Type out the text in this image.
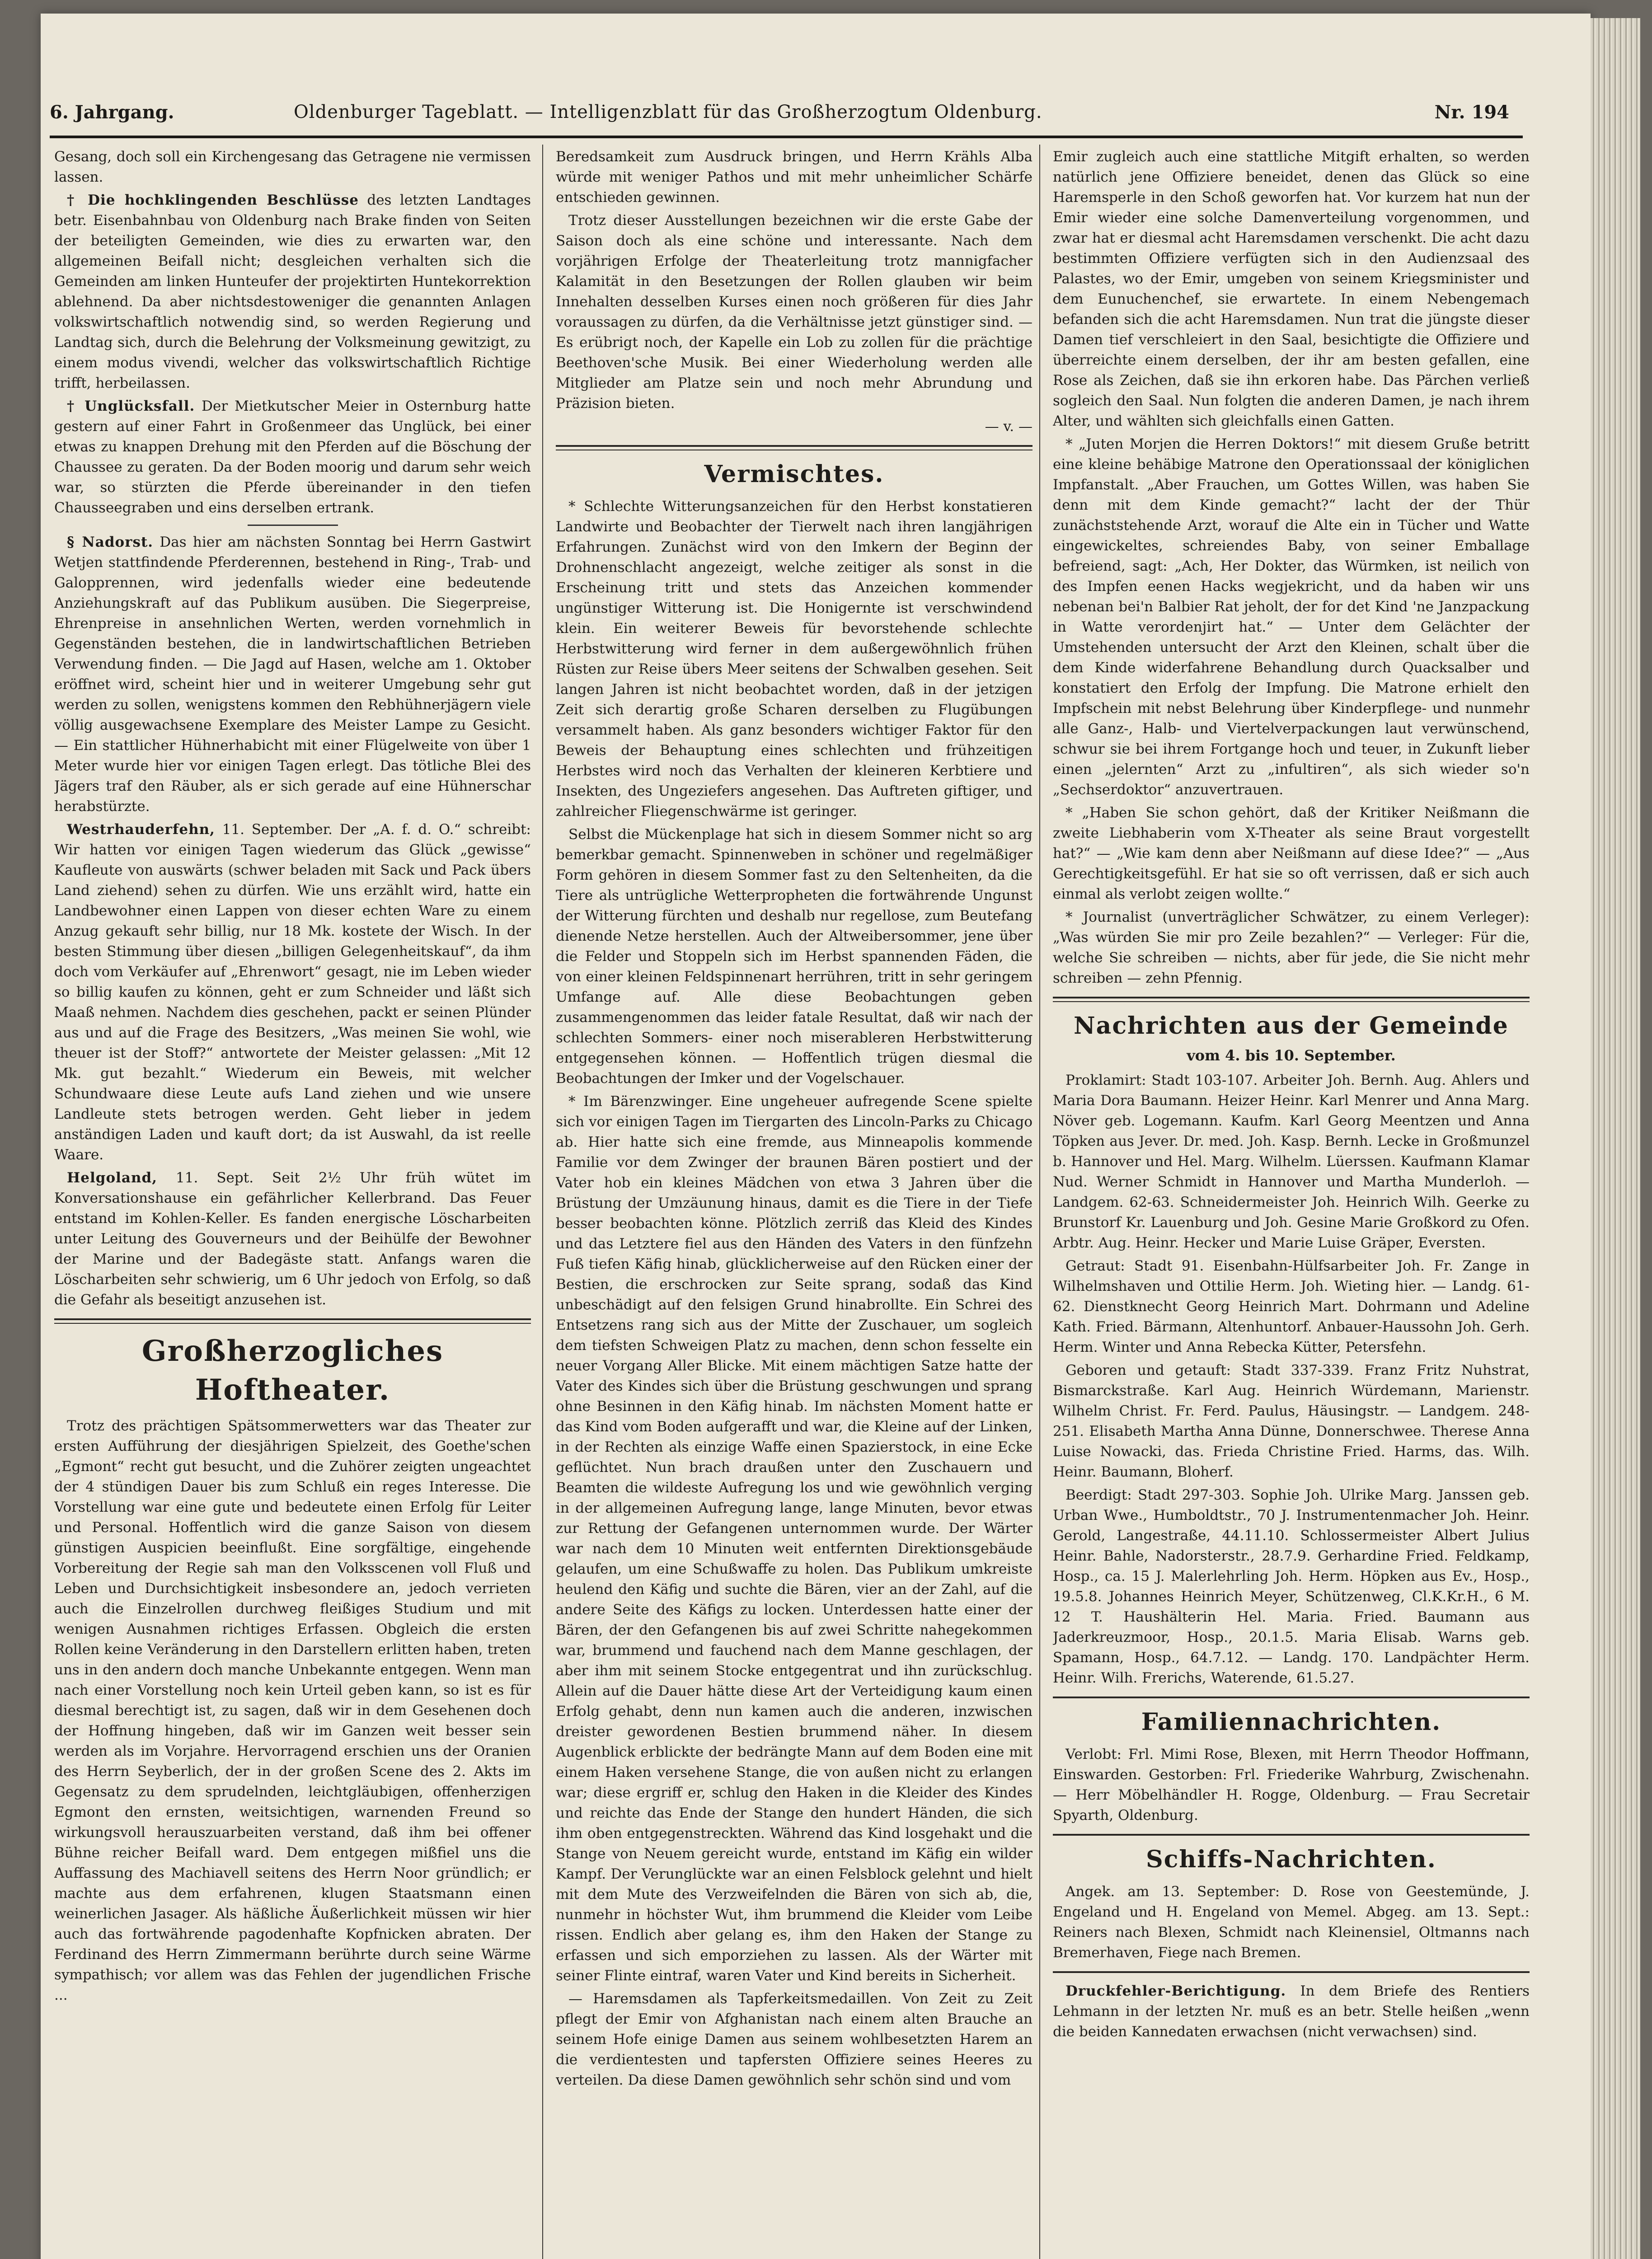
6. Jahrgang.	Oldenburger Tageblatt. — Intelligenzblatt für das Großherzogtum Oldenburg.	Nr. 194

Gesang, doch soll ein Kirchengesang das Getragene nie vermissen lassen.

† Die hochklingenden Beschlüsse des letzten Landtages betr. Eisenbahnbau von Oldenburg nach Brake finden von Seiten der beteiligten Gemeinden, wie dies zu erwarten war, den allgemeinen Beifall nicht; desgleichen verhalten sich die Gemeinden am linken Hunteufer der projektirten Huntekorrektion ablehnend. Da aber nichtsdestoweniger die genannten Anlagen volkswirtschaftlich notwendig sind, so werden Regierung und Landtag sich, durch die Belehrung der Volksmeinung gewitzigt, zu einem modus vivendi, welcher das volkswirtschaftlich Richtige trifft, herbeilassen.

† Unglücksfall. Der Mietkutscher Meier in Osternburg hatte gestern auf einer Fahrt in Großenmeer das Unglück, bei einer etwas zu knappen Drehung mit den Pferden auf die Böschung der Chaussee zu geraten. Da der Boden moorig und darum sehr weich war, so stürzten die Pferde übereinander in den tiefen Chausseegraben und eins derselben ertrank.

§ Nadorst. Das hier am nächsten Sonntag bei Herrn Gastwirt Wetjen stattfindende Pferderennen, bestehend in Ring-, Trab- und Galopprennen, wird jedenfalls wieder eine bedeutende Anziehungskraft auf das Publikum ausüben. Die Siegerpreise, Ehrenpreise in ansehnlichen Werten, werden vornehmlich in Gegenständen bestehen, die in landwirtschaftlichen Betrieben Verwendung finden. — Die Jagd auf Hasen, welche am 1. Oktober eröffnet wird, scheint hier und in weiterer Umgebung sehr gut werden zu sollen, wenigstens kommen den Rebhühnerjägern viele völlig ausgewachsene Exemplare des Meister Lampe zu Gesicht. — Ein stattlicher Hühnerhabicht mit einer Flügelweite von über 1 Meter wurde hier vor einigen Tagen erlegt. Das tötliche Blei des Jägers traf den Räuber, als er sich gerade auf eine Hühnerschar herabstürzte.

Westrhauderfehn, 11. September. Der „A. f. d. O.“ schreibt: Wir hatten vor einigen Tagen wiederum das Glück „gewisse“ Kaufleute von auswärts (schwer beladen mit Sack und Pack übers Land ziehend) sehen zu dürfen. Wie uns erzählt wird, hatte ein Landbewohner einen Lappen von dieser echten Ware zu einem Anzug gekauft sehr billig, nur 18 Mk. kostete der Wisch. In der besten Stimmung über diesen „billigen Gelegenheitskauf“, da ihm doch vom Verkäufer auf „Ehrenwort“ gesagt, nie im Leben wieder so billig kaufen zu können, geht er zum Schneider und läßt sich Maaß nehmen. Nachdem dies geschehen, packt er seinen Plünder aus und auf die Frage des Besitzers, „Was meinen Sie wohl, wie theuer ist der Stoff?“ antwortete der Meister gelassen: „Mit 12 Mk. gut bezahlt.“ Wiederum ein Beweis, mit welcher Schundwaare diese Leute aufs Land ziehen und wie unsere Landleute stets betrogen werden. Geht lieber in jedem anständigen Laden und kauft dort; da ist Auswahl, da ist reelle Waare.

Helgoland, 11. Sept. Seit 2½ Uhr früh wütet im Konversationshause ein gefährlicher Kellerbrand. Das Feuer entstand im Kohlen-Keller. Es fanden energische Löscharbeiten unter Leitung des Gouverneurs und der Beihülfe der Bewohner der Marine und der Badegäste statt. Anfangs waren die Löscharbeiten sehr schwierig, um 6 Uhr jedoch von Erfolg, so daß die Gefahr als beseitigt anzusehen ist.

Großherzogliches Hoftheater.

Trotz des prächtigen Spätsommerwetters war das Theater zur ersten Aufführung der diesjährigen Spielzeit, des Goethe'schen „Egmont“ recht gut besucht, und die Zuhörer zeigten ungeachtet der 4 stündigen Dauer bis zum Schluß ein reges Interesse. Die Vorstellung war eine gute und bedeutete einen Erfolg für Leiter und Personal. Hoffentlich wird die ganze Saison von diesem günstigen Auspicien beeinflußt. Eine sorgfältige, eingehende Vorbereitung der Regie sah man den Volksscenen voll Fluß und Leben und Durchsichtigkeit insbesondere an, jedoch verrieten auch die Einzelrollen durchweg fleißiges Studium und mit wenigen Ausnahmen richtiges Erfassen. Obgleich die ersten Rollen keine Veränderung in den Darstellern erlitten haben, treten uns in den andern doch manche Unbekannte entgegen. Wenn man nach einer Vorstellung noch kein Urteil geben kann, so ist es für diesmal berechtigt ist, zu sagen, daß wir in dem Gesehenen doch der Hoffnung hingeben, daß wir im Ganzen weit besser sein werden als im Vorjahre. Hervorragend erschien uns der Oranien des Herrn Seyberlich, der in der großen Scene des 2. Akts im Gegensatz zu dem sprudelnden, leichtgläubigen, offenherzigen Egmont den ernsten, weitsichtigen, warnenden Freund so wirkungsvoll herauszuarbeiten verstand, daß ihm bei offener Bühne reicher Beifall ward. Dem entgegen mißfiel uns die Auffassung des Machiavell seitens des Herrn Noor gründlich; er machte aus dem erfahrenen, klugen Staatsmann einen weinerlichen Jasager. Als häßliche Äußerlichkeit müssen wir hier auch das fortwährende pagodenhafte Kopfnicken abraten. Der Ferdinand des Herrn Zimmermann berührte durch seine Wärme sympathisch; vor allem was das Fehlen der jugendlichen Frische ...

Beredsamkeit zum Ausdruck bringen, und Herrn Krähls Alba würde mit weniger Pathos und mit mehr unheimlicher Schärfe entschieden gewinnen.

Trotz dieser Ausstellungen bezeichnen wir die erste Gabe der Saison doch als eine schöne und interessante. Nach dem vorjährigen Erfolge der Theaterleitung trotz mannigfacher Kalamität in den Besetzungen der Rollen glauben wir beim Innehalten desselben Kurses einen noch größeren für dies Jahr voraussagen zu dürfen, da die Verhältnisse jetzt günstiger sind. — Es erübrigt noch, der Kapelle ein Lob zu zollen für die prächtige Beethoven'sche Musik. Bei einer Wiederholung werden alle Mitglieder am Platze sein und noch mehr Abrundung und Präzision bieten.

— v. —
Vermischtes.

* Schlechte Witterungsanzeichen für den Herbst konstatieren Landwirte und Beobachter der Tierwelt nach ihren langjährigen Erfahrungen. Zunächst wird von den Imkern der Beginn der Drohnenschlacht angezeigt, welche zeitiger als sonst in die Erscheinung tritt und stets das Anzeichen kommender ungünstiger Witterung ist. Die Honigernte ist verschwindend klein. Ein weiterer Beweis für bevorstehende schlechte Herbstwitterung wird ferner in dem außergewöhnlich frühen Rüsten zur Reise übers Meer seitens der Schwalben gesehen. Seit langen Jahren ist nicht beobachtet worden, daß in der jetzigen Zeit sich derartig große Scharen derselben zu Flugübungen versammelt haben. Als ganz besonders wichtiger Faktor für den Beweis der Behauptung eines schlechten und frühzeitigen Herbstes wird noch das Verhalten der kleineren Kerbtiere und Insekten, des Ungeziefers angesehen. Das Auftreten giftiger, und zahlreicher Fliegenschwärme ist geringer.

Selbst die Mückenplage hat sich in diesem Sommer nicht so arg bemerkbar gemacht. Spinnenweben in schöner und regelmäßiger Form gehören in diesem Sommer fast zu den Seltenheiten, da die Tiere als untrügliche Wetterpropheten die fortwährende Ungunst der Witterung fürchten und deshalb nur regellose, zum Beutefang dienende Netze herstellen. Auch der Altweibersommer, jene über die Felder und Stoppeln sich im Herbst spannenden Fäden, die von einer kleinen Feldspinnenart herrühren, tritt in sehr geringem Umfange auf. Alle diese Beobachtungen geben zusammengenommen das leider fatale Resultat, daß wir nach der schlechten Sommers- einer noch miserableren Herbstwitterung entgegensehen können. — Hoffentlich trügen diesmal die Beobachtungen der Imker und der Vogelschauer.

* Im Bärenzwinger. Eine ungeheuer aufregende Scene spielte sich vor einigen Tagen im Tiergarten des Lincoln-Parks zu Chicago ab. Hier hatte sich eine fremde, aus Minneapolis kommende Familie vor dem Zwinger der braunen Bären postiert und der Vater hob ein kleines Mädchen von etwa 3 Jahren über die Brüstung der Umzäunung hinaus, damit es die Tiere in der Tiefe besser beobachten könne. Plötzlich zerriß das Kleid des Kindes und das Letztere fiel aus den Händen des Vaters in den fünfzehn Fuß tiefen Käfig hinab, glücklicherweise auf den Rücken einer der Bestien, die erschrocken zur Seite sprang, sodaß das Kind unbeschädigt auf den felsigen Grund hinabrollte. Ein Schrei des Entsetzens rang sich aus der Mitte der Zuschauer, um sogleich dem tiefsten Schweigen Platz zu machen, denn schon fesselte ein neuer Vorgang Aller Blicke. Mit einem mächtigen Satze hatte der Vater des Kindes sich über die Brüstung geschwungen und sprang ohne Besinnen in den Käfig hinab. Im nächsten Moment hatte er das Kind vom Boden aufgerafft und war, die Kleine auf der Linken, in der Rechten als einzige Waffe einen Spazierstock, in eine Ecke geflüchtet. Nun brach draußen unter den Zuschauern und Beamten die wildeste Aufregung los und wie gewöhnlich verging in der allgemeinen Aufregung lange, lange Minuten, bevor etwas zur Rettung der Gefangenen unternommen wurde. Der Wärter war nach dem 10 Minuten weit entfernten Direktionsgebäude gelaufen, um eine Schußwaffe zu holen. Das Publikum umkreiste heulend den Käfig und suchte die Bären, vier an der Zahl, auf die andere Seite des Käfigs zu locken. Unterdessen hatte einer der Bären, der den Gefangenen bis auf zwei Schritte nahegekommen war, brummend und fauchend nach dem Manne geschlagen, der aber ihm mit seinem Stocke entgegentrat und ihn zurückschlug. Allein auf die Dauer hätte diese Art der Verteidigung kaum einen Erfolg gehabt, denn nun kamen auch die anderen, inzwischen dreister gewordenen Bestien brummend näher. In diesem Augenblick erblickte der bedrängte Mann auf dem Boden eine mit einem Haken versehene Stange, die von außen nicht zu erlangen war; diese ergriff er, schlug den Haken in die Kleider des Kindes und reichte das Ende der Stange den hundert Händen, die sich ihm oben entgegenstreckten. Während das Kind losgehakt und die Stange von Neuem gereicht wurde, entstand im Käfig ein wilder Kampf. Der Verunglückte war an einen Felsblock gelehnt und hielt mit dem Mute des Verzweifelnden die Bären von sich ab, die, nunmehr in höchster Wut, ihm brummend die Kleider vom Leibe rissen. Endlich aber gelang es, ihm den Haken der Stange zu erfassen und sich emporziehen zu lassen. Als der Wärter mit seiner Flinte eintraf, waren Vater und Kind bereits in Sicherheit.

— Haremsdamen als Tapferkeitsmedaillen. Von Zeit zu Zeit pflegt der Emir von Afghanistan nach einem alten Brauche an seinem Hofe einige Damen aus seinem wohlbesetzten Harem an die verdientesten und tapfersten Offiziere seines Heeres zu verteilen. Da diese Damen gewöhnlich sehr schön sind und vom

Emir zugleich auch eine stattliche Mitgift erhalten, so werden natürlich jene Offiziere beneidet, denen das Glück so eine Haremsperle in den Schoß geworfen hat. Vor kurzem hat nun der Emir wieder eine solche Damenverteilung vorgenommen, und zwar hat er diesmal acht Haremsdamen verschenkt. Die acht dazu bestimmten Offiziere verfügten sich in den Audienzsaal des Palastes, wo der Emir, umgeben von seinem Kriegsminister und dem Eunuchenchef, sie erwartete. In einem Nebengemach befanden sich die acht Haremsdamen. Nun trat die jüngste dieser Damen tief verschleiert in den Saal, besichtigte die Offiziere und überreichte einem derselben, der ihr am besten gefallen, eine Rose als Zeichen, daß sie ihn erkoren habe. Das Pärchen verließ sogleich den Saal. Nun folgten die anderen Damen, je nach ihrem Alter, und wählten sich gleichfalls einen Gatten.

* „Juten Morjen die Herren Doktors!“ mit diesem Gruße betritt eine kleine behäbige Matrone den Operationssaal der königlichen Impfanstalt. „Aber Frauchen, um Gottes Willen, was haben Sie denn mit dem Kinde gemacht?“ lacht der der Thür zunächststehende Arzt, worauf die Alte ein in Tücher und Watte eingewickeltes, schreiendes Baby, von seiner Emballage befreiend, sagt: „Ach, Her Dokter, das Würmken, ist neilich von des Impfen eenen Hacks wegjekricht, und da haben wir uns nebenan bei'n Balbier Rat jeholt, der for det Kind 'ne Janzpackung in Watte verordenjirt hat.“ — Unter dem Gelächter der Umstehenden untersucht der Arzt den Kleinen, schalt über die dem Kinde widerfahrene Behandlung durch Quacksalber und konstatiert den Erfolg der Impfung. Die Matrone erhielt den Impfschein mit nebst Belehrung über Kinderpflege- und nunmehr alle Ganz-, Halb- und Viertelverpackungen laut verwünschend, schwur sie bei ihrem Fortgange hoch und teuer, in Zukunft lieber einen „jelernten“ Arzt zu „infultiren“, als sich wieder so'n „Sechserdoktor“ anzuvertrauen.

* „Haben Sie schon gehört, daß der Kritiker Neißmann die zweite Liebhaberin vom X-Theater als seine Braut vorgestellt hat?“ — „Wie kam denn aber Neißmann auf diese Idee?“ — „Aus Gerechtigkeitsgefühl. Er hat sie so oft verrissen, daß er sich auch einmal als verlobt zeigen wollte.“

* Journalist (unverträglicher Schwätzer, zu einem Verleger): „Was würden Sie mir pro Zeile bezahlen?“ — Verleger: Für die, welche Sie schreiben — nichts, aber für jede, die Sie nicht mehr schreiben — zehn Pfennig.

Nachrichten aus der Gemeinde
vom 4. bis 10. September.

Proklamirt: Stadt 103-107. Arbeiter Joh. Bernh. Aug. Ahlers und Maria Dora Baumann. Heizer Heinr. Karl Menrer und Anna Marg. Növer geb. Logemann. Kaufm. Karl Georg Meentzen und Anna Töpken aus Jever. Dr. med. Joh. Kasp. Bernh. Lecke in Großmunzel b. Hannover und Hel. Marg. Wilhelm. Lüerssen. Kaufmann Klamar Nud. Werner Schmidt in Hannover und Martha Munderloh. — Landgem. 62-63. Schneidermeister Joh. Heinrich Wilh. Geerke zu Brunstorf Kr. Lauenburg und Joh. Gesine Marie Großkord zu Ofen. Arbtr. Aug. Heinr. Hecker und Marie Luise Gräper, Eversten.

Getraut: Stadt 91. Eisenbahn-Hülfsarbeiter Joh. Fr. Zange in Wilhelmshaven und Ottilie Herm. Joh. Wieting hier. — Landg. 61-62. Dienstknecht Georg Heinrich Mart. Dohrmann und Adeline Kath. Fried. Bärmann, Altenhuntorf. Anbauer-Haussohn Joh. Gerh. Herm. Winter und Anna Rebecka Kütter, Petersfehn.

Geboren und getauft: Stadt 337-339. Franz Fritz Nuhstrat, Bismarckstraße. Karl Aug. Heinrich Würdemann, Marienstr. Wilhelm Christ. Fr. Ferd. Paulus, Häusingstr. — Landgem. 248-251. Elisabeth Martha Anna Dünne, Donnerschwee. Therese Anna Luise Nowacki, das. Frieda Christine Fried. Harms, das. Wilh. Heinr. Baumann, Bloherf.

Beerdigt: Stadt 297-303. Sophie Joh. Ulrike Marg. Janssen geb. Urban Wwe., Humboldtstr., 70 J. Instrumentenmacher Joh. Heinr. Gerold, Langestraße, 44.11.10. Schlossermeister Albert Julius Heinr. Bahle, Nadorsterstr., 28.7.9. Gerhardine Fried. Feldkamp, Hosp., ca. 15 J. Malerlehrling Joh. Herm. Höpken aus Ev., Hosp., 19.5.8. Johannes Heinrich Meyer, Schützenweg, Cl.K.Kr.H., 6 M. 12 T. Haushälterin Hel. Maria. Fried. Baumann aus Jaderkreuzmoor, Hosp., 20.1.5. Maria Elisab. Warns geb. Spamann, Hosp., 64.7.12. — Landg. 170. Landpächter Herm. Heinr. Wilh. Frerichs, Waterende, 61.5.27.

Familiennachrichten.

Verlobt: Frl. Mimi Rose, Blexen, mit Herrn Theodor Hoffmann, Einswarden. Gestorben: Frl. Friederike Wahrburg, Zwischenahn. — Herr Möbelhändler H. Rogge, Oldenburg. — Frau Secretair Spyarth, Oldenburg.

Schiffs-Nachrichten.

Angek. am 13. September: D. Rose von Geestemünde, J. Engeland und H. Engeland von Memel. Abgeg. am 13. Sept.: Reiners nach Blexen, Schmidt nach Kleinensiel, Oltmanns nach Bremerhaven, Fiege nach Bremen.

Druckfehler-Berichtigung. In dem Briefe des Rentiers Lehmann in der letzten Nr. muß es an betr. Stelle heißen „wenn die beiden Kannedaten erwachsen (nicht verwachsen) sind.
